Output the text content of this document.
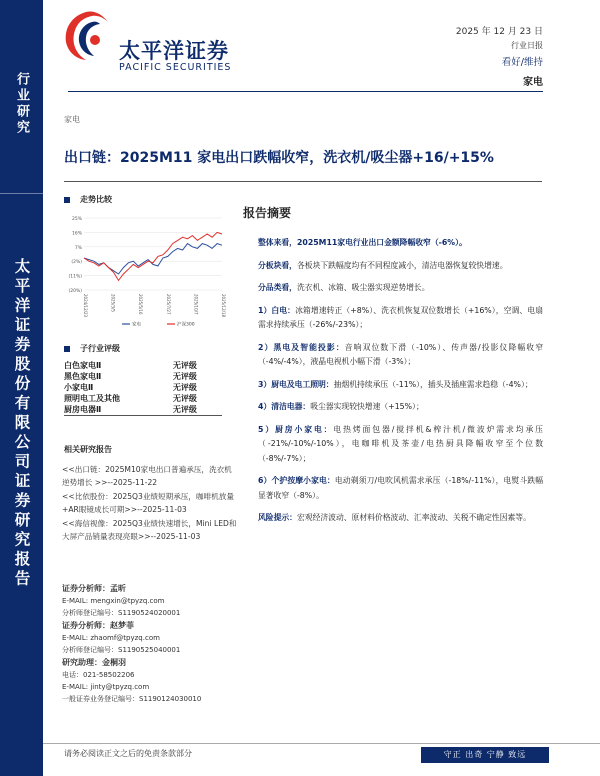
行业研究
太平洋证券股份有限公司证券研究报告
太平洋证券
PACIFIC SECURITIES
2025 年 12 月 23 日
行业日报
看好/维持
家电
家电
出口链：2025M11 家电出口跌幅收窄，洗衣机/吸尘器+16/+15%
走势比较
25%
16%
7%
(2%)
(11%)
(20%)
2024/12/23	2025/3/5	2025/5/16	2025/7/27	2025/10/7	2025/12/18
家电	沪深300
子行业评级
白色家电Ⅱ	无评级
黑色家电Ⅱ	无评级
小家电Ⅱ	无评级
照明电工及其他	无评级
厨房电器Ⅱ	无评级
相关研究报告

<<出口链：2025M10家电出口普遍承压，洗衣机逆势增长 >>--2025-11-22

<<比依股份：2025Q3业绩短期承压，咖啡机放量+AR眼镜成长可期>>--2025-11-03

<<海信视像：2025Q3业绩快速增长，Mini LED和大屏产品销量表现亮眼>>--2025-11-03

证券分析师：孟昕
E-MAIL: mengxin@tpyzq.com
分析师登记编号：S1190524020001
证券分析师：赵梦菲
E-MAIL: zhaomf@tpyzq.com
分析师登记编号：S1190525040001
研究助理：金桐羽
电话：021-58502206
E-MAIL: jinty@tpyzq.com
一般证券业务登记编号：S1190124030010
报告摘要

整体来看，2025M11家电行业出口金额降幅收窄（-6%）。

分板块看，各板块下跌幅度均有不同程度减小，清洁电器恢复较快增速。

分品类看，洗衣机、冰箱、吸尘器实现逆势增长。

1）白电：冰箱增速转正（+8%）、洗衣机恢复双位数增长（+16%），空调、电扇需求持续承压（-26%/-23%）；

2）黑电及智能投影：音响双位数下滑（-10%）、传声器/投影仪降幅收窄（-4%/-4%），液晶电视机小幅下滑（-3%）；

3）厨电及电工照明：抽烟机持续承压（-11%），插头及插座需求趋稳（-4%）；

4）清洁电器：吸尘器实现较快增速（+15%）；

5）厨房小家电：电热烤面包器/搅拌机&榨汁机/微波炉需求均承压（-21%/-10%/-10%），电咖啡机及茶壶/电热厨具降幅收窄至个位数（-8%/-7%）；

6）个护按摩小家电：电动剃须刀/电吹风机需求承压（-18%/-11%），电熨斗跌幅显著收窄（-8%）。

风险提示：宏观经济波动、原材料价格波动、汇率波动、关税不确定性因素等。

请务必阅读正文之后的免责条款部分	守正 出奇 宁静 致远
